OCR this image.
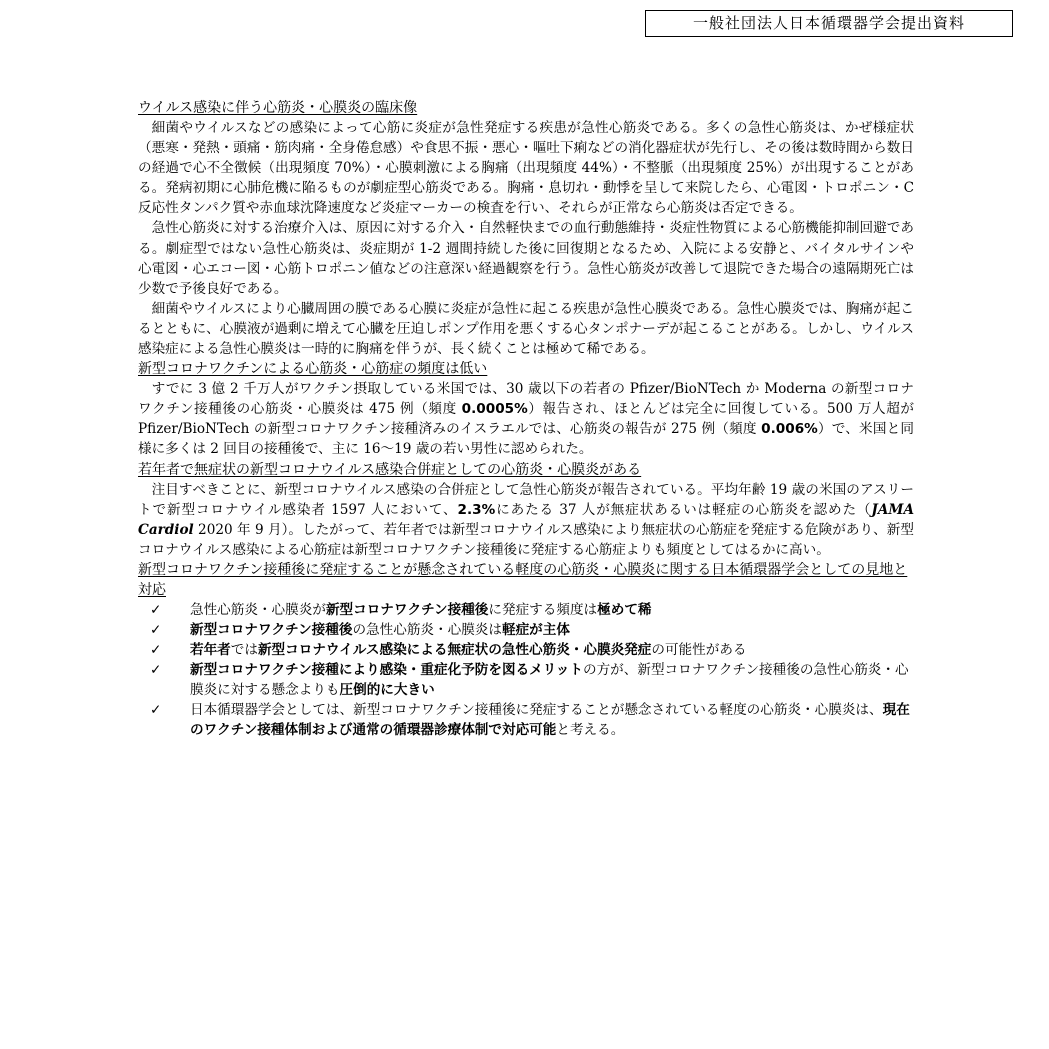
一般社団法人日本循環器学会提出資料
ウイルス感染に伴う心筋炎・心膜炎の臨床像

細菌やウイルスなどの感染によって心筋に炎症が急性発症する疾患が急性心筋炎である。多くの急性心筋炎は、かぜ様症状（悪寒・発熱・頭痛・筋肉痛・全身倦怠感）や食思不振・悪心・嘔吐下痢などの消化器症状が先行し、その後は数時間から数日の経過で心不全徴候（出現頻度 70%）・心膜刺激による胸痛（出現頻度 44%）・不整脈（出現頻度 25%）が出現することがある。発病初期に心肺危機に陥るものが劇症型心筋炎である。胸痛・息切れ・動悸を呈して来院したら、心電図・トロポニン・C 反応性タンパク質や赤血球沈降速度など炎症マーカーの検査を行い、それらが正常なら心筋炎は否定できる。

急性心筋炎に対する治療介入は、原因に対する介入・自然軽快までの血行動態維持・炎症性物質による心筋機能抑制回避である。劇症型ではない急性心筋炎は、炎症期が 1-2 週間持続した後に回復期となるため、入院による安静と、バイタルサインや心電図・心エコー図・心筋トロポニン値などの注意深い経過観察を行う。急性心筋炎が改善して退院できた場合の遠隔期死亡は少数で予後良好である。

細菌やウイルスにより心臓周囲の膜である心膜に炎症が急性に起こる疾患が急性心膜炎である。急性心膜炎では、胸痛が起こるとともに、心膜液が過剰に増えて心臓を圧迫しポンプ作用を悪くする心タンポナーデが起こることがある。しかし、ウイルス感染症による急性心膜炎は一時的に胸痛を伴うが、長く続くことは極めて稀である。

新型コロナワクチンによる心筋炎・心筋症の頻度は低い

すでに 3 億 2 千万人がワクチン摂取している米国では、30 歳以下の若者の Pfizer/BioNTech か Moderna の新型コロナワクチン接種後の心筋炎・心膜炎は 475 例（頻度 0.0005%）報告され、ほとんどは完全に回復している。500 万人超が Pfizer/BioNTech の新型コロナワクチン接種済みのイスラエルでは、心筋炎の報告が 275 例（頻度 0.006%）で、米国と同様に多くは 2 回目の接種後で、主に 16〜19 歳の若い男性に認められた。

若年者で無症状の新型コロナウイルス感染合併症としての心筋炎・心膜炎がある

注目すべきことに、新型コロナウイルス感染の合併症として急性心筋炎が報告されている。平均年齢 19 歳の米国のアスリートで新型コロナウイル感染者 1597 人において、2.3%にあたる 37 人が無症状あるいは軽症の心筋炎を認めた（JAMA Cardiol 2020 年 9 月）。したがって、若年者では新型コロナウイルス感染により無症状の心筋症を発症する危険があり、新型コロナウイルス感染による心筋症は新型コロナワクチン接種後に発症する心筋症よりも頻度としてはるかに高い。

新型コロナワクチン接種後に発症することが懸念されている軽度の心筋炎・心膜炎に関する日本循環器学会としての見地と対応
✓ 急性心筋炎・心膜炎が新型コロナワクチン接種後に発症する頻度は極めて稀
✓ 新型コロナワクチン接種後の急性心筋炎・心膜炎は軽症が主体
✓ 若年者では新型コロナウイルス感染による無症状の急性心筋炎・心膜炎発症の可能性がある
✓ 新型コロナワクチン接種により感染・重症化予防を図るメリットの方が、新型コロナワクチン接種後の急性心筋炎・心膜炎に対する懸念よりも圧倒的に大きい
✓ 日本循環器学会としては、新型コロナワクチン接種後に発症することが懸念されている軽度の心筋炎・心膜炎は、現在のワクチン接種体制および通常の循環器診療体制で対応可能と考える。
